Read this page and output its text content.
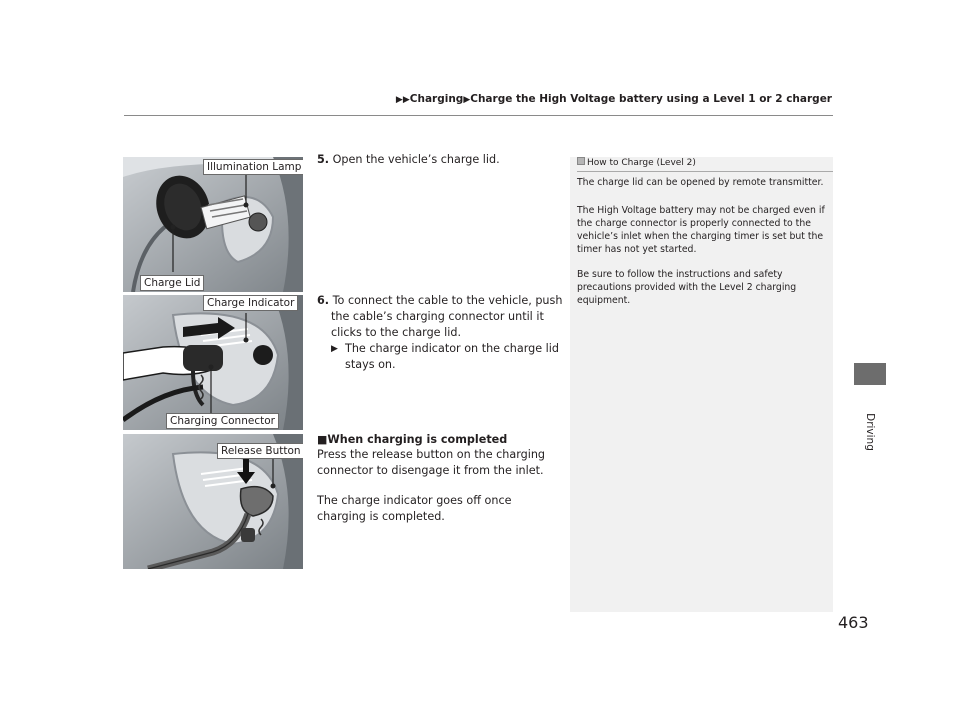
▶▶Charging▶Charge the High Voltage battery using a Level 1 or 2 charger
Driving
Illumination Lamp
Charge Lid
Charge Indicator
Charging Connector
Release Button
5. Open the vehicle’s charge lid.
6. To connect the cable to the vehicle, push the cable’s charging connector until it clicks to the charge lid.
▶ The charge indicator on the charge lid stays on.
■When charging is completed
Press the release button on the charging connector to disengage it from the inlet.
The charge indicator goes off once charging is completed.
How to Charge (Level 2)

The charge lid can be opened by remote transmitter.

The High Voltage battery may not be charged even if the charge connector is properly connected to the vehicle’s inlet when the charging timer is set but the timer has not yet started.

Be sure to follow the instructions and safety precautions provided with the Level 2 charging equipment.

463
